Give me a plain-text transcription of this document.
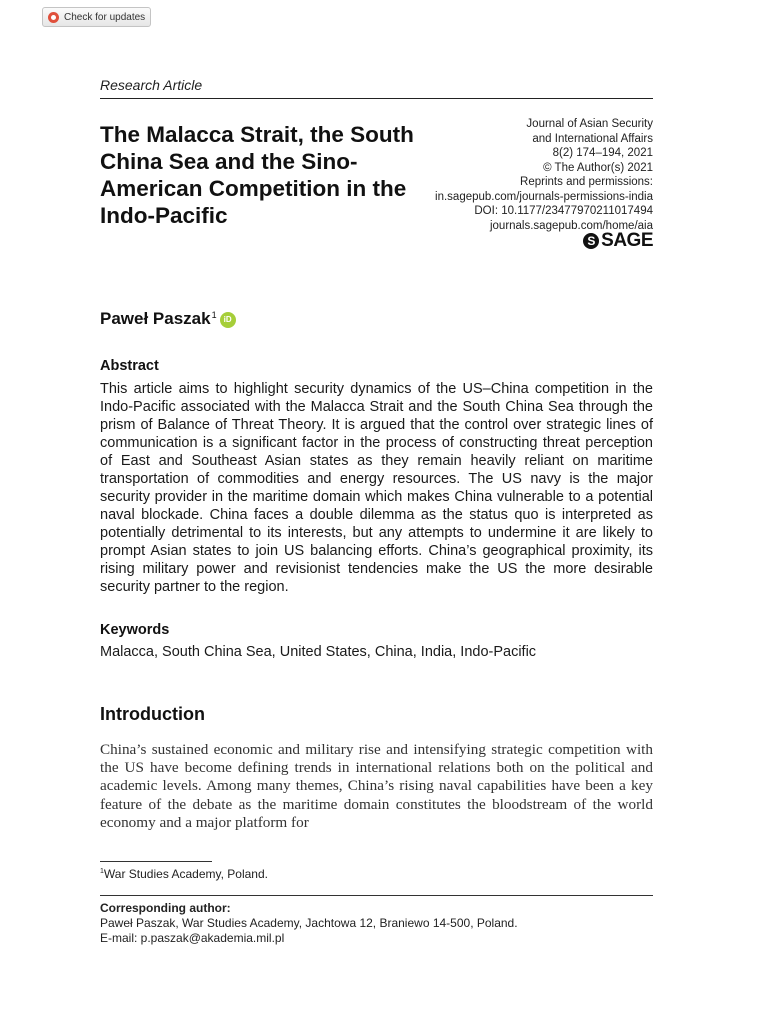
Check for updates
Research Article
The Malacca Strait, the South China Sea and the Sino-American Competition in the Indo-Pacific
Journal of Asian Security
and International Affairs
8(2) 174–194, 2021
© The Author(s) 2021
Reprints and permissions:
in.sagepub.com/journals-permissions-india
DOI: 10.1177/23477970211017494
journals.sagepub.com/home/aia
S SAGE
Paweł Paszak$^1$ iD
Abstract

This article aims to highlight security dynamics of the US–China competition in the Indo-Pacific associated with the Malacca Strait and the South China Sea through the prism of Balance of Threat Theory. It is argued that the control over strategic lines of communication is a significant factor in the process of constructing threat perception of East and Southeast Asian states as they remain heavily reliant on maritime transportation of commodities and energy resources. The US navy is the major security provider in the maritime domain which makes China vulnerable to a potential naval blockade. China faces a double dilemma as the status quo is interpreted as potentially detrimental to its interests, but any attempts to undermine it are likely to prompt Asian states to join US balancing efforts. China’s geographical proximity, its rising military power and revisionist tendencies make the US the more desirable security partner to the region.

Keywords
Malacca, South China Sea, United States, China, India, Indo-Pacific
Introduction

China’s sustained economic and military rise and intensifying strategic competition with the US have become defining trends in international relations both on the political and academic levels. Among many themes, China’s rising naval capabilities have been a key feature of the debate as the maritime domain constitutes the bloodstream of the world economy and a major platform for

$^1$War Studies Academy, Poland.
Corresponding author:
Paweł Paszak, War Studies Academy, Jachtowa 12, Braniewo 14-500, Poland.
E-mail: p.paszak@akademia.mil.pl
